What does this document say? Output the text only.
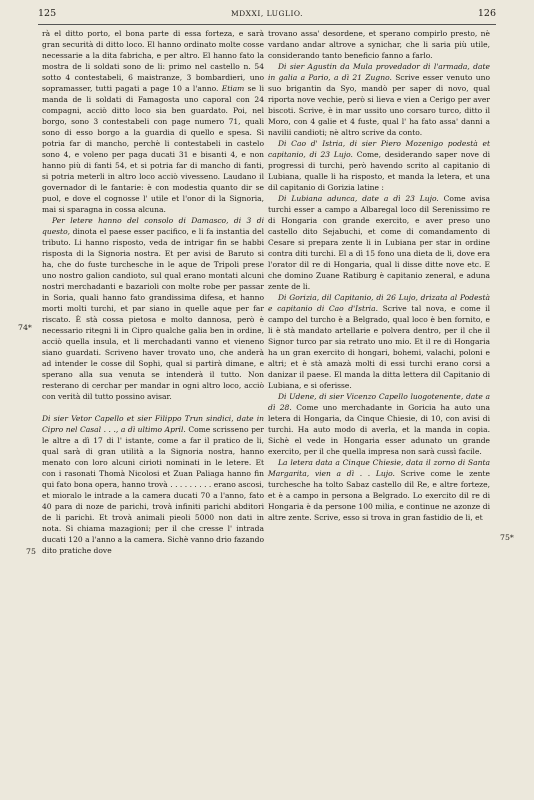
125	MDXXI, LUGLIO.	126
74*
75
75*

rà el ditto porto, el bona parte di essa forteza, e sarà gran securità di ditto loco. El hanno ordinato molte cosse necessarie a la dita fabricha, e per altro. El hanno fato la mostra de li soldati sono de li: primo nel castello n. 54 sotto 4 contestabeli, 6 maistranze, 3 bombardieri, uno sopramasser, tutti pagati a page 10 a l'anno. Etiam se li manda de li soldati di Famagosta uno caporal con 24 compagni, acciò ditto loco sia ben guardato. Poi, nel borgo, sono 3 contestabeli con page numero 71, quali sono di esso borgo a la guardia di quello e spesa. Si potria far di mancho, perchè li contestabeli in castelo sono 4, e voleno per paga ducati 31 e bisanti 4, e non hanno più di fanti 54, et si potria far di mancho di fanti, si potria meterli in altro loco acciò vivesseno. Laudano il governador di le fantarie: è con modestia quanto dir se puol, e dove el cognosse l' utile et l'onor di la Signoria, mai si sparagna in cossa alcuna.

Per letere hanno del consolo di Damasco, di 3 di questo, dinota el paese esser pacifico, e li fa instantia del tributo. Li hanno risposto, veda de intrigar fin se habbi risposta di la Signoria nostra. Et per avisi de Baruto si ha, che do fuste turchesche in le aque de Tripoli prese uno nostro galion candioto, sul qual erano montati alcuni nostri merchadanti e bazarioli con molte robe per passar in Soria, quali hanno fato grandissima difesa, et hanno morti molti turchi, et par siano in quelle aque per far riscato. È stà cossa pietosa e molto dannosa, però è necessario ritegni li in Cipro qualche galia ben in ordine, acciò quella insula, et li merchadanti vanno et vieneno siano guardati. Scriveno haver trovato uno, che anderà ad intender le cosse dil Sophi, qual si partirà dimane, e sperano alla sua venuta se intenderà il tutto. Non resterano di cerchar per mandar in ogni altro loco, acciò con verità dil tutto possino avisar.

Di sier Vetor Capello et sier Filippo Trun sindici, date in Cipro nel Casal . . ., a dì ultimo April. Come scrisseno per le altre a dì 17 di l' istante, come a far il pratico de li, qual sarà di gran utilità a la Signoria nostra, hanno menato con loro alcuni cirioti nominati in le letere. Et con i rasonati Thomà Nicolosi et Zuan Paliaga hanno fin qui fato bona opera, hanno trovà . . . . . . . . . erano ascosi, et mioralo le intrade a la camera ducati 70 a l'anno, fato 40 para di noze de parichi, trovà infiniti parichi abditori de li parichi. Et trovà animali pieoli 5000 non dati in nota. Si chiama mazagioni; per il che cresse l' intrada ducati 120 a l'anno a la camera. Sichè vanno drio fazando dito pratiche dove

trovano assa' desordene, et sperano compirlo presto, nè vardano andar altrove a synichar, che li saria più utile, considerando tanto beneficio fanno a farlo.

Di sier Agustin da Mula provedador di l'armada, date in galia a Pario, a dì 21 Zugno. Scrive esser venuto uno suo brigantin da Syo, mandò per saper di novo, qual riporta nove vechie, però si lieva e vien a Cerigo per aver biscoti. Scrive, è in mar ussito uno corsaro turco, ditto il Moro, con 4 galie et 4 fuste, qual l' ha fato assa' danni a navilii candioti; nè altro scrive da conto.

Di Cao d' Istria, di sier Piero Mozenigo podestà et capitanio, di 23 Lujo. Come, desiderando saper nove di progressi di turchi, però havendo scrito al capitanio di Lubiana, qualle li ha risposto, et manda la letera, et una dil capitanio di Gorizia latine :

Di Lubiana adunca, date a dì 23 Lujo. Come avisa turchi esser a campo a Albaregal loco dil Serenissimo re di Hongaria con grande exercito, e aver preso uno castello dito Sejabuchi, et come di comandamento di Cesare si prepara zente li in Lubiana per star in ordine contra diti turchi. El a dì 15 fono una dieta de li, dove era l'orator dil re di Hongaria, qual li disse ditte nove etc. E che domino Zuane Ratiburg è capitanio zeneral, e aduna zente de li.

Di Gorizia, dil Capitanio, di 26 Lujo, drizata al Podestà e capitanio di Cao d'Istria. Scrive tal nova, e come il campo del turcho è a Belgrado, qual loco è ben fornito, e li è stà mandato artellarie e polvera dentro, per il che il Signor turco par sia retrato uno mio. Et il re di Hongaria ha un gran exercito di hongari, bohemi, valachi, poloni e altri; et è stà amazà molti di essi turchi erano corsi a danizar il paese. El manda la ditta lettera dil Capitanio di Lubiana, e si oferisse.

Di Udene, di sier Vicenzo Capello luogotenente, date a dì 28. Come uno merchadante in Goricia ha auto una letera di Hongaria, da Cinque Chiesie, di 10, con avisi di turchi. Ha auto modo di averla, et la manda in copia. Sichè el vede in Hongaria esser adunato un grande exercito, per il che quella impresa non sarà cussì facile.

La letera data a Cinque Chiesie, data il zorno di Santa Margarita, vien a dì . . Lujo. Scrive come le zente turchesche ha tolto Sabaz castello dil Re, e altre forteze, et è a campo in persona a Belgrado. Lo exercito dil re di Hongaria è da persone 100 milia, e continue ne azonze di altre zente. Scrive, esso si trova in gran fastidio de li, et
